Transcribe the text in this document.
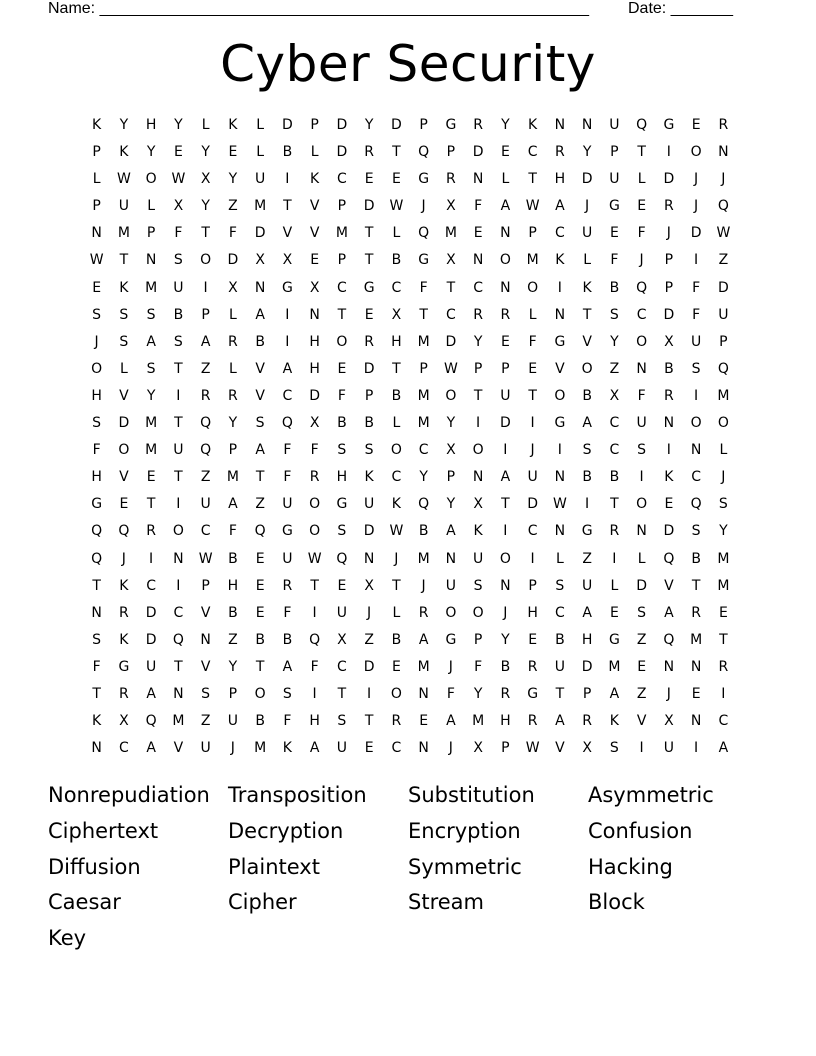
Name: _______________________________________________________ Date: _______
Cyber Security
K	Y	H	Y	L	K	L	D	P	D	Y	D	P	G	R	Y	K	N	N	U	Q	G	E	R
P	K	Y	E	Y	E	L	B	L	D	R	T	Q	P	D	E	C	R	Y	P	T	I	O	N
L	W	O	W	X	Y	U	I	K	C	E	E	G	R	N	L	T	H	D	U	L	D	J	J
P	U	L	X	Y	Z	M	T	V	P	D	W	J	X	F	A	W	A	J	G	E	R	J	Q
N	M	P	F	T	F	D	V	V	M	T	L	Q	M	E	N	P	C	U	E	F	J	D	W
W	T	N	S	O	D	X	X	E	P	T	B	G	X	N	O	M	K	L	F	J	P	I	Z
E	K	M	U	I	X	N	G	X	C	G	C	F	T	C	N	O	I	K	B	Q	P	F	D
S	S	S	B	P	L	A	I	N	T	E	X	T	C	R	R	L	N	T	S	C	D	F	U
J	S	A	S	A	R	B	I	H	O	R	H	M	D	Y	E	F	G	V	Y	O	X	U	P
O	L	S	T	Z	L	V	A	H	E	D	T	P	W	P	P	E	V	O	Z	N	B	S	Q
H	V	Y	I	R	R	V	C	D	F	P	B	M	O	T	U	T	O	B	X	F	R	I	M
S	D	M	T	Q	Y	S	Q	X	B	B	L	M	Y	I	D	I	G	A	C	U	N	O	O
F	O	M	U	Q	P	A	F	F	S	S	O	C	X	O	I	J	I	S	C	S	I	N	L
H	V	E	T	Z	M	T	F	R	H	K	C	Y	P	N	A	U	N	B	B	I	K	C	J
G	E	T	I	U	A	Z	U	O	G	U	K	Q	Y	X	T	D	W	I	T	O	E	Q	S
Q	Q	R	O	C	F	Q	G	O	S	D	W	B	A	K	I	C	N	G	R	N	D	S	Y
Q	J	I	N	W	B	E	U	W	Q	N	J	M	N	U	O	I	L	Z	I	L	Q	B	M
T	K	C	I	P	H	E	R	T	E	X	T	J	U	S	N	P	S	U	L	D	V	T	M
N	R	D	C	V	B	E	F	I	U	J	L	R	O	O	J	H	C	A	E	S	A	R	E
S	K	D	Q	N	Z	B	B	Q	X	Z	B	A	G	P	Y	E	B	H	G	Z	Q	M	T
F	G	U	T	V	Y	T	A	F	C	D	E	M	J	F	B	R	U	D	M	E	N	N	R
T	R	A	N	S	P	O	S	I	T	I	O	N	F	Y	R	G	T	P	A	Z	J	E	I
K	X	Q	M	Z	U	B	F	H	S	T	R	E	A	M	H	R	A	R	K	V	X	N	C
N	C	A	V	U	J	M	K	A	U	E	C	N	J	X	P	W	V	X	S	I	U	I	A
Nonrepudiation Transposition	Substitution	Asymmetric
Ciphertext	Decryption	Encryption	Confusion
Diffusion	Plaintext	Symmetric	Hacking
Caesar	Cipher	Stream	Block
Key
